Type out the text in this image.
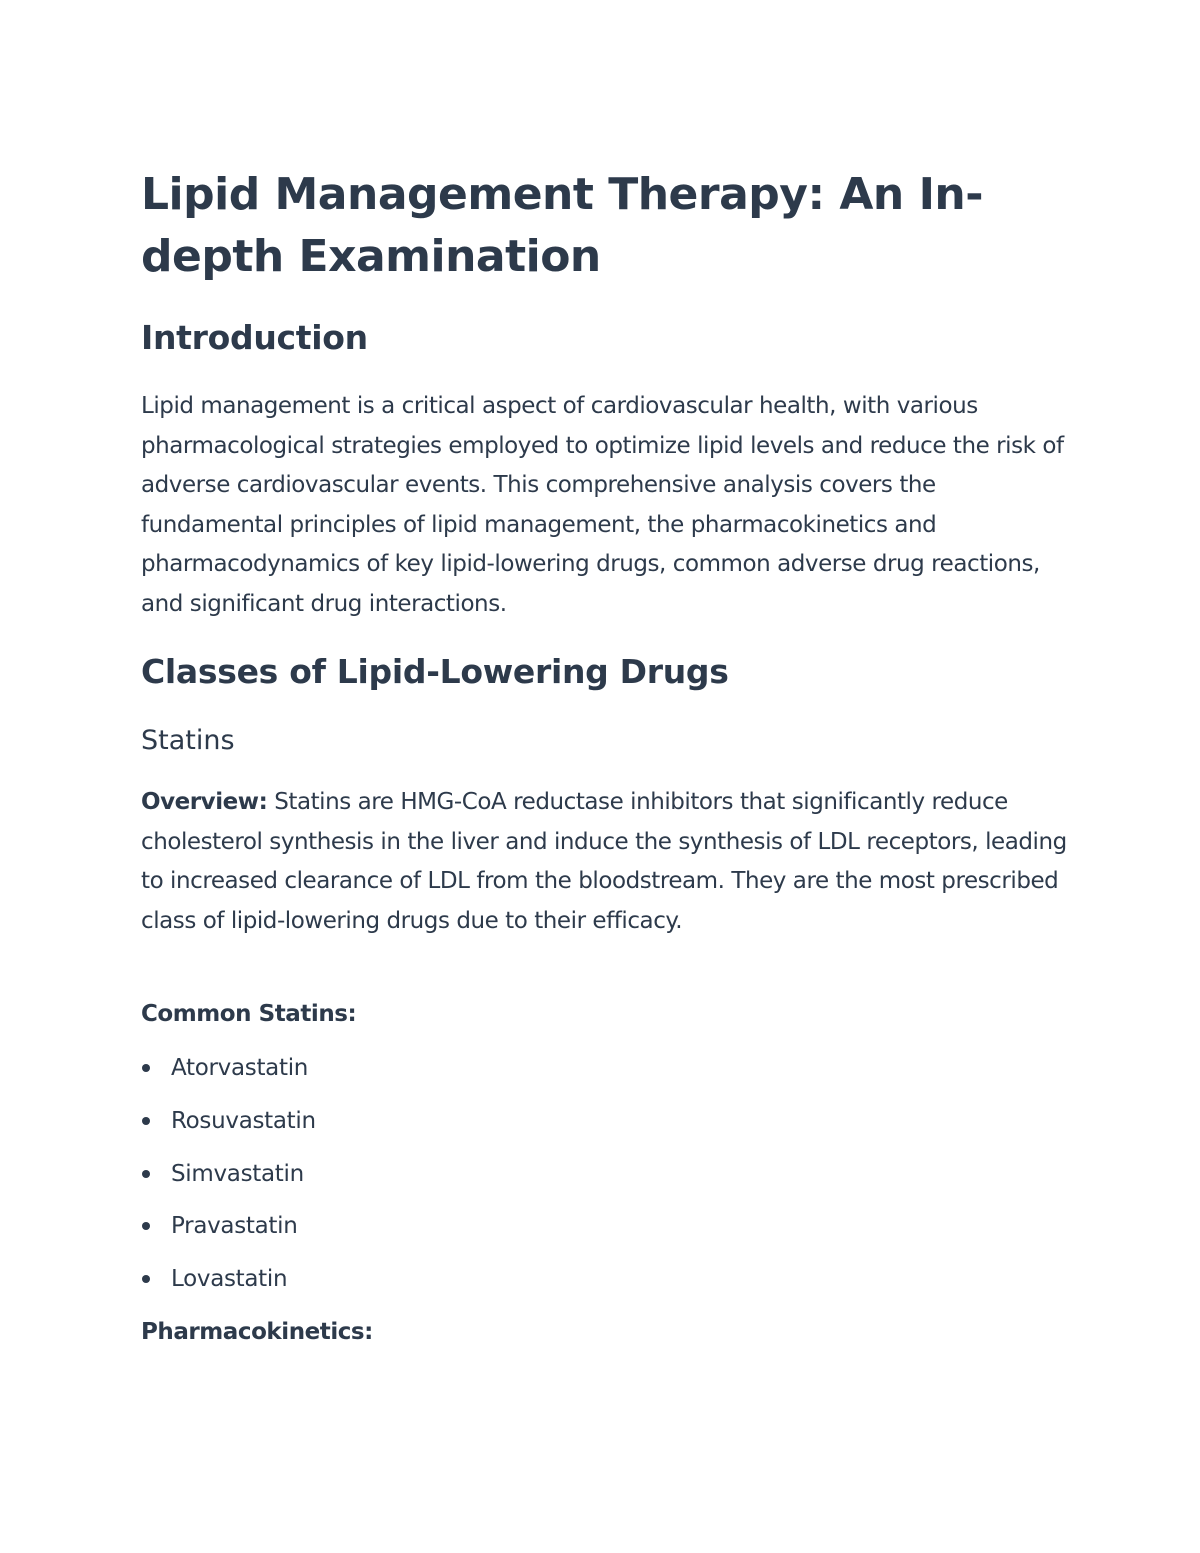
Lipid Management Therapy: An In-depth Examination
Introduction

Lipid management is a critical aspect of cardiovascular health, with various pharmacological strategies employed to optimize lipid levels and reduce the risk of adverse cardiovascular events. This comprehensive analysis covers the fundamental principles of lipid management, the pharmacokinetics and pharmacodynamics of key lipid-lowering drugs, common adverse drug reactions, and significant drug interactions.

Classes of Lipid-Lowering Drugs
Statins

Overview: Statins are HMG-CoA reductase inhibitors that significantly reduce cholesterol synthesis in the liver and induce the synthesis of LDL receptors, leading to increased clearance of LDL from the bloodstream. They are the most prescribed class of lipid-lowering drugs due to their efficacy.

Common Statins:

Atorvastatin
Rosuvastatin
Simvastatin
Pravastatin
Lovastatin

Pharmacokinetics:
